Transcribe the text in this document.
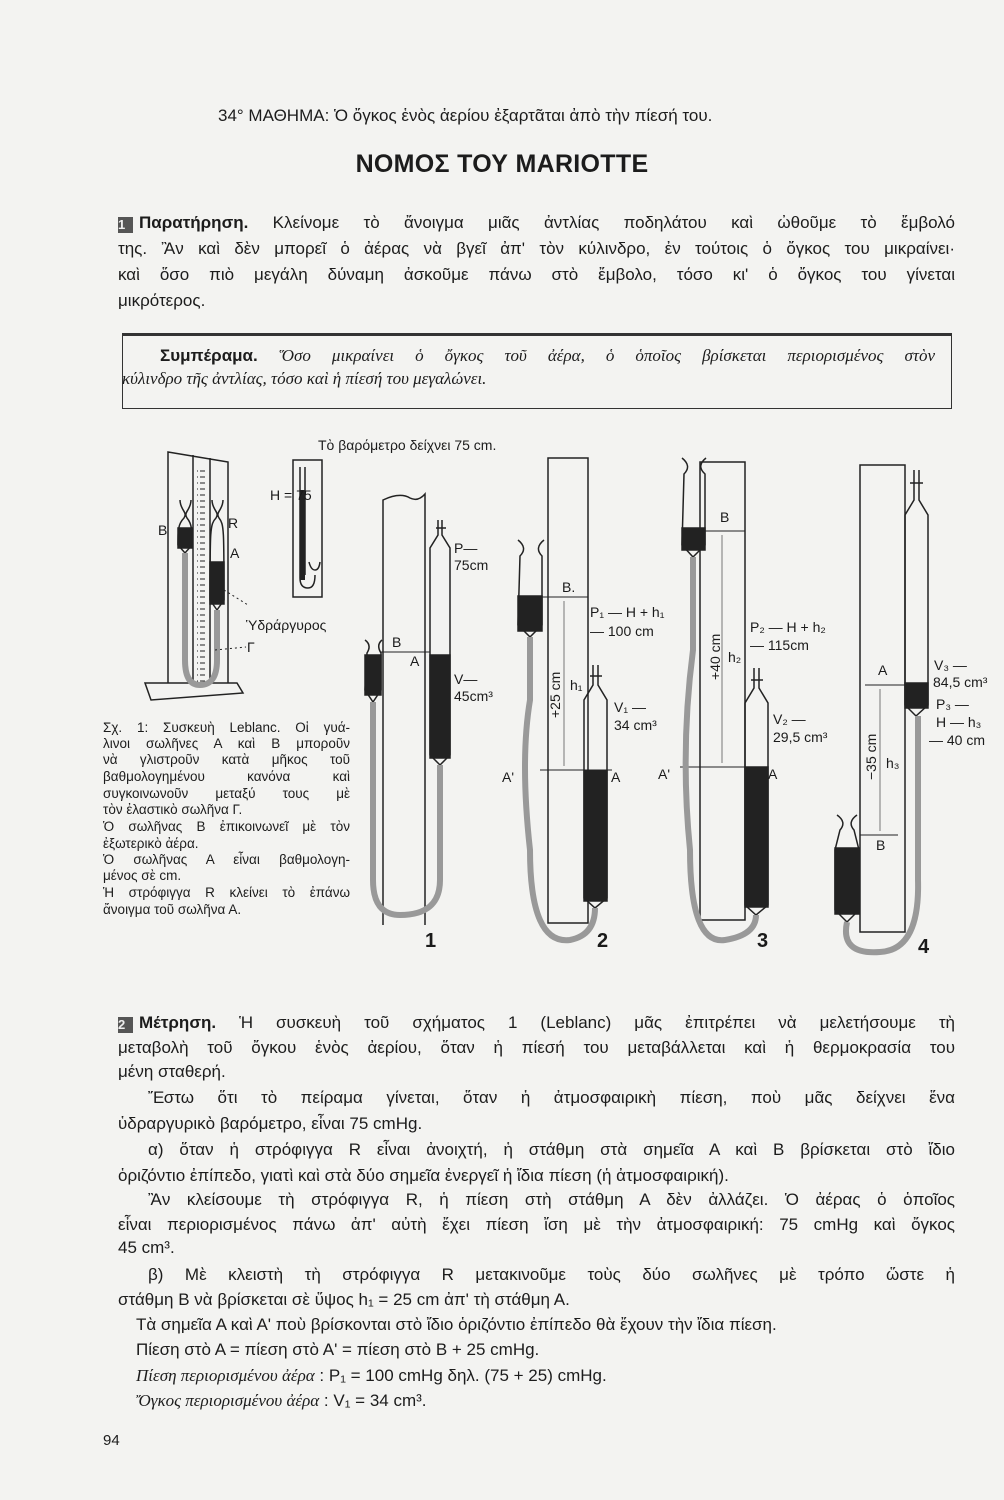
34° ΜΑΘΗΜΑ: Ὁ ὄγκος ἑνὸς ἀερίου ἐξαρτᾶται ἀπὸ τὴν πίεσή του.
ΝΟΜΟΣ ΤΟΥ MARIOTTE
1 Παρατήρηση. Κλείνομε τὸ ἄνοιγμα μιᾶς ἀντλίας ποδηλάτου καὶ ὠθοῦμε τὸ ἔμβολό
της. Ἂν καὶ δὲν μπορεῖ ὁ ἀέρας νὰ βγεῖ ἀπ' τὸν κύλινδρο, ἐν τούτοις ὁ ὄγκος του μικραίνει·
καὶ ὅσο πιὸ μεγάλη δύναμη ἀσκοῦμε πάνω στὸ ἔμβολο, τόσο κι' ὁ ὄγκος του γίνεται
μικρότερος.
Συμπέραμα. Ὅσο μικραίνει ὁ ὄγκος τοῦ ἀέρα, ὁ ὁποῖος βρίσκεται περιορισμένος στὸν
κύλινδρο τῆς ἀντλίας, τόσο καὶ ἡ πίεσή του μεγαλώνει.
Τὸ βαρόμετρο δείχνει 75 cm.
B	R
A
H = 75
Ὑδράργυρος
Γ	B
A
P—
75cm
V—
45cm³
1
B.
A
A'
h₁
+25 cm
P₁ — H + h₁
— 100 cm
V₁ —
34 cm³
2
B
A
A'
h₂
+40 cm
P₂ — H + h₂
— 115cm
V₂ —
29,5 cm³
3
A
B
h₃
−35 cm
V₃ —
84,5 cm³
P₃ —
H — h₃
— 40 cm
4
Σχ. 1: Συσκευὴ Leblanc. Οἱ γυά-
λινοι σωλῆνες Α καὶ Β μποροῦν
νὰ γλιστροῦν κατὰ μῆκος τοῦ
βαθμολογημένου κανόνα καὶ
συγκοινωνοῦν μεταξύ τους μὲ
τὸν ἐλαστικὸ σωλῆνα Γ.
Ὁ σωλῆνας Β ἐπικοινωνεῖ μὲ τὸν
ἐξωτερικὸ ἀέρα.
Ὁ σωλῆνας Α εἶναι βαθμολογη-
μένος σὲ cm.
Ἡ στρόφιγγα R κλείνει τὸ ἐπάνω
ἄνοιγμα τοῦ σωλῆνα Α.
2 Μέτρηση. Ἡ συσκευὴ τοῦ σχήματος 1 (Leblanc) μᾶς ἐπιτρέπει νὰ μελετήσουμε τὴ
μεταβολὴ τοῦ ὄγκου ἑνὸς ἀερίου, ὅταν ἡ πίεσή του μεταβάλλεται καὶ ἡ θερμοκρασία του
μένη σταθερή.
Ἔστω ὅτι τὸ πείραμα γίνεται, ὅταν ἡ ἀτμοσφαιρικὴ πίεση, ποὺ μᾶς δείχνει ἕνα
ὑδραργυρικὸ βαρόμετρο, εἶναι 75 cmHg.
α) ὅταν ἡ στρόφιγγα R εἶναι ἀνοιχτή, ἡ στάθμη στὰ σημεῖα Α καὶ Β βρίσκεται στὸ ἴδιο
ὁριζόντιο ἐπίπεδο, γιατὶ καὶ στὰ δύο σημεῖα ἐνεργεῖ ἡ ἴδια πίεση (ἡ ἀτμοσφαιρική).
Ἂν κλείσουμε τὴ στρόφιγγα R, ἡ πίεση στὴ στάθμη Α δὲν ἀλλάζει. Ὁ ἀέρας ὁ ὁποῖος
εἶναι περιορισμένος πάνω ἀπ' αὐτὴ ἔχει πίεση ἴση μὲ τὴν ἀτμοσφαιρική: 75 cmHg καὶ ὄγκος
45 cm³.
β) Μὲ κλειστὴ τὴ στρόφιγγα R μετακινοῦμε τοὺς δύο σωλῆνες μὲ τρόπο ὥστε ἡ
στάθμη Β νὰ βρίσκεται σὲ ὕψος h₁ = 25 cm ἀπ' τὴ στάθμη Α.
Τὰ σημεῖα Α καὶ Α' ποὺ βρίσκονται στὸ ἴδιο ὁριζόντιο ἐπίπεδο θὰ ἔχουν τὴν ἴδια πίεση.
Πίεση στὸ Α = πίεση στὸ Α' = πίεση στὸ Β + 25 cmHg.
Πίεση περιορισμένου ἀέρα : P₁ = 100 cmHg δηλ. (75 + 25) cmHg.
Ὄγκος περιορισμένου ἀέρα : V₁ = 34 cm³.
94
